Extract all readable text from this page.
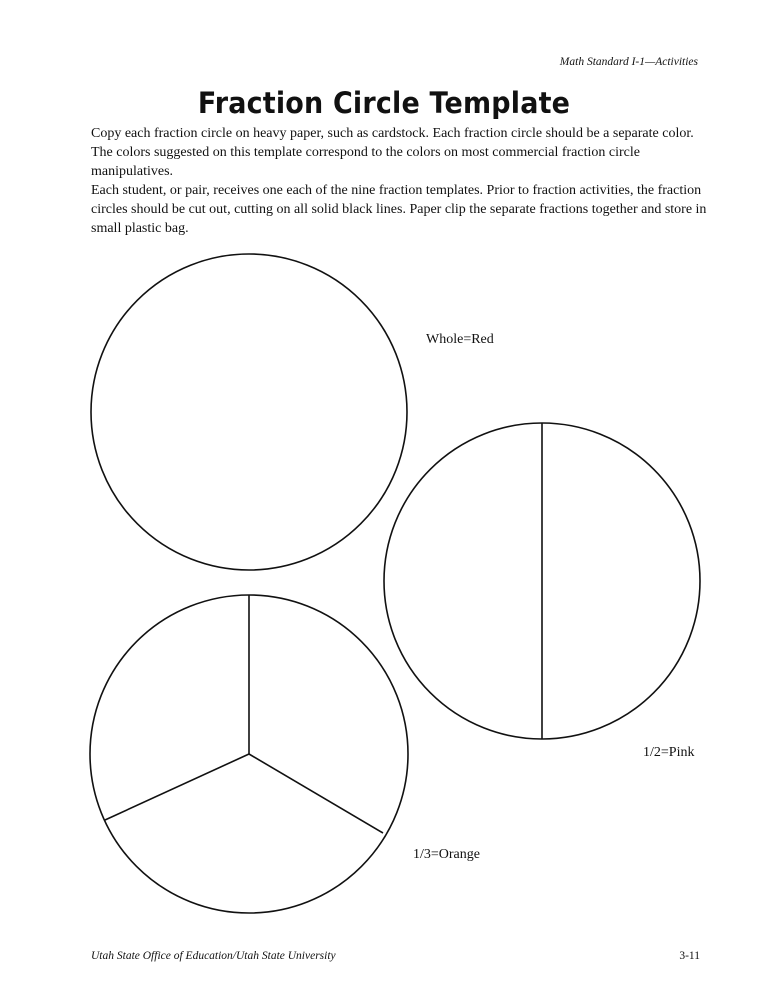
Math Standard I-1—Activities
Fraction Circle Template

Copy each fraction circle on heavy paper, such as cardstock. Each fraction circle should be a separate color. The colors suggested on this template correspond to the colors on most commercial fraction circle manipulatives.

Each student, or pair, receives one each of the nine fraction templates. Prior to fraction activities, the fraction circles should be cut out, cutting on all solid black lines. Paper clip the separate fractions together and store in small plastic bag.

Whole=Red
1/2=Pink
1/3=Orange
Utah State Office of Education/Utah State University	3-11
